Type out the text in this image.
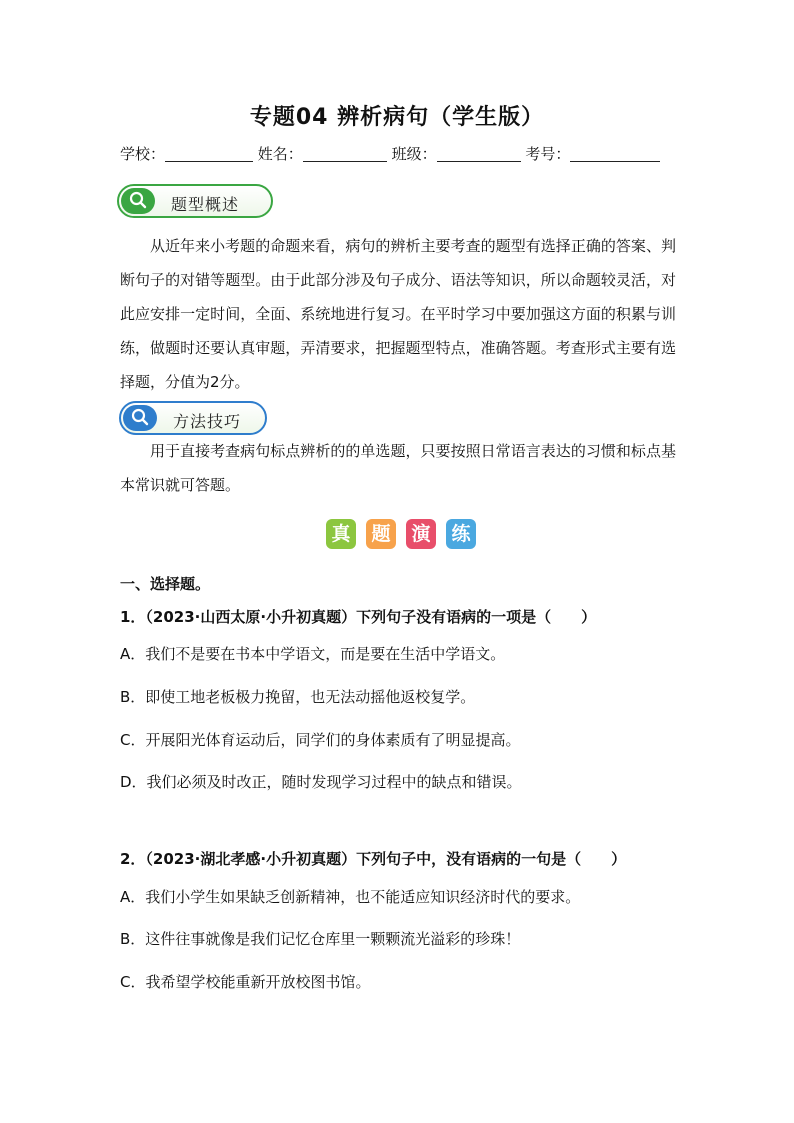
专题04 辨析病句（学生版）
学校：	姓名：	班级：	考号：
题型概述

从近年来小考题的命题来看，病句的辨析主要考查的题型有选择正确的答案、判断句子的对错等题型。由于此部分涉及句子成分、语法等知识，所以命题较灵活，对此应安排一定时间，全面、系统地进行复习。在平时学习中要加强这方面的积累与训练，做题时还要认真审题，弄清要求，把握题型特点，准确答题。考查形式主要有选择题，分值为2分。

方法技巧

用于直接考查病句标点辨析的的单选题，只要按照日常语言表达的习惯和标点基本常识就可答题。

真 题 演 练
一、选择题。
1．（2023·山西太原·小升初真题）下列句子没有语病的一项是（　　）
A．我们不是要在书本中学语文，而是要在生活中学语文。
B．即使工地老板极力挽留，也无法动摇他返校复学。
C．开展阳光体育运动后，同学们的身体素质有了明显提高。
D．我们必须及时改正，随时发现学习过程中的缺点和错误。
2．（2023·湖北孝感·小升初真题）下列句子中，没有语病的一句是（　　）
A．我们小学生如果缺乏创新精神，也不能适应知识经济时代的要求。
B．这件往事就像是我们记忆仓库里一颗颗流光溢彩的珍珠！
C．我希望学校能重新开放校图书馆。
